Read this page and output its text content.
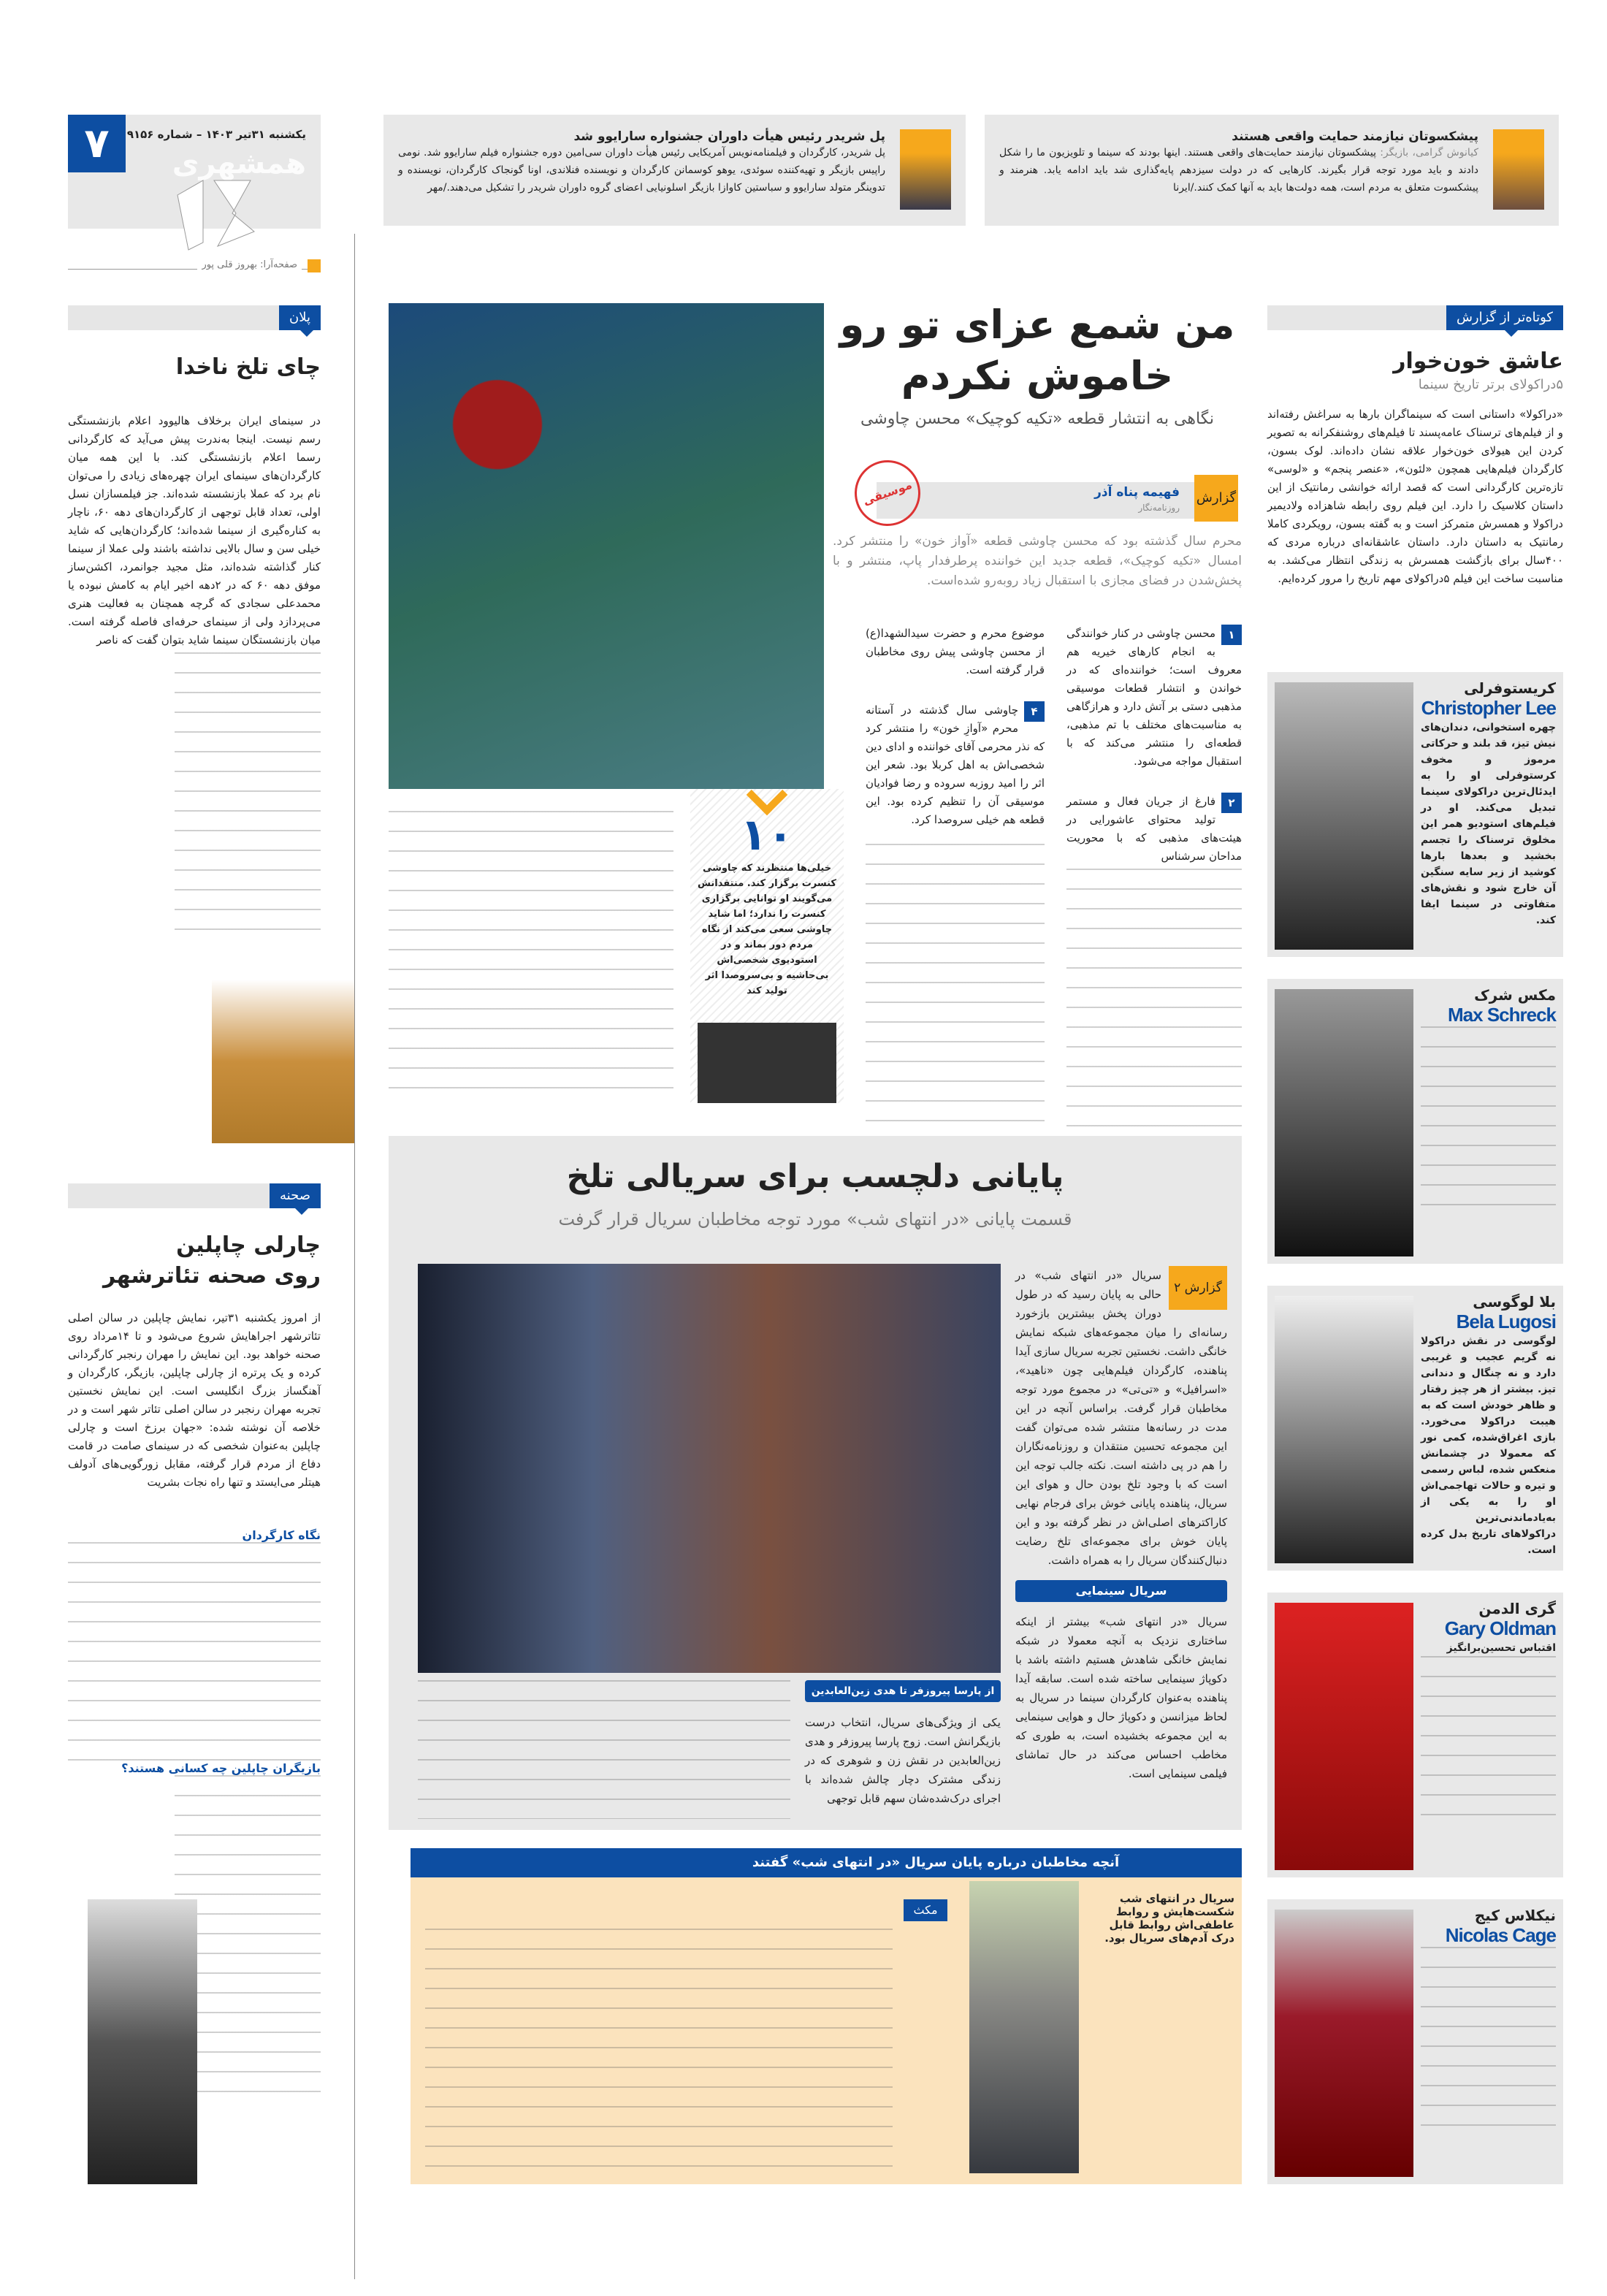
۷	یکشنبه ۳۱تیر ۱۴۰۳ – شماره ۹۱۵۶
همشهری
صفحه‌آرا: بهروز قلی پور
پیشکسوتان نیازمند حمایت واقعی هستند
کیانوش گرامی، بازیگر: پیشکسوتان نیازمند حمایت‌های واقعی هستند. اینها بودند که سینما و تلویزیون ما را شکل دادند و باید مورد توجه قرار بگیرند. کارهایی که در دولت سیزدهم پایه‌گذاری شد باید ادامه یابد. هنرمند و پیشکسوت متعلق به مردم است، همه دولت‌ها باید به آنها کمک کنند./ایرنا
پل شریدر رئیس هیأت داوران جشنواره سارایوو شد
پل شریدر، کارگردان و فیلمنامه‌نویس آمریکایی رئیس هیأت داوران سی‌امین دوره جشنواره فیلم سارایوو شد. نومی راپیس بازیگر و تهیه‌کننده سوئدی، یوهو کوسمانن کارگردان و نویسنده فنلاندی، اونا گونجاک کارگردان، نویسنده و تدوینگر متولد سارایوو و سباستین کاوازا بازیگر اسلونیایی اعضای گروه داوران شریدر را تشکیل می‌دهند./مهر
پلان
چای تلخ ناخدا
در سینمای ایران برخلاف هالیوود اعلام بازنشستگی رسم نیست. اینجا به‌ندرت پیش می‌آید که کارگردانی رسما اعلام بازنشستگی کند. با این همه میان کارگردان‌های سینمای ایران چهره‌های زیادی را می‌توان نام برد که عملا بازنشسته شده‌اند. جز فیلمسازان نسل اولی، تعداد قابل توجهی از کارگردان‌های دهه ۶۰، ناچار به کناره‌گیری از سینما شده‌اند؛ کارگردان‌هایی که شاید خیلی سن و سال بالایی نداشته باشند ولی عملا از سینما کنار گذاشته شده‌اند، مثل مجید جوانمرد، اکشن‌ساز موفق دهه ۶۰ که در ۲دهه اخیر ایام به کامش نبوده یا محمدعلی سجادی که گرچه همچنان به فعالیت هنری می‌پردازد ولی از سینمای حرفه‌ای فاصله گرفته است. میان بازنشستگان سینما شاید بتوان گفت که ناصر
صحنه
چارلی چاپلین
روی صحنه تئاترشهر
از امروز یکشنبه ۳۱تیر، نمایش چاپلین در سالن اصلی تئاترشهر اجراهایش شروع می‌شود و تا ۱۴مرداد روی صحنه خواهد بود. این نمایش را مهران رنجبر کارگردانی کرده و یک پرتره از چارلی چاپلین، بازیگر، کارگردان و آهنگساز بزرگ انگلیسی است. این نمایش نخستین تجربه مهران رنجبر در سالن اصلی تئاتر شهر است و در خلاصه آن نوشته شده: «جهان برزخ است و چارلی چاپلین به‌عنوان شخصی که در سینمای صامت در قامت دفاع از مردم قرار گرفته، مقابل زورگویی‌های آدولف هیتلر می‌ایستد و تنها راه نجات بشریت
نگاه کارگردان
بازیگران چاپلین چه کسانی هستند؟
من شمع عزای تو رو
خاموش نکردم
نگاهی به انتشار قطعه «تکیه کوچیک» محسن چاوشی
گزارش
فهیمه پناه آذر
روزنامه‌نگار
موسیقی
محرم سال گذشته بود که محسن چاوشی قطعه «آواز خون» را منتشر کرد. امسال «تکیه کوچیک»، قطعه جدید این خواننده پرطرفدار پاپ، منتشر و با پخش‌شدن در فضای مجازی با استقبال زیاد روبه‌رو شده‌است.
۱
محسن چاوشی در کنار خوانندگی به انجام کارهای خیریه هم معروف است؛ خواننده‌ای که در خواندن و انتشار قطعات موسیقی مذهبی دستی بر آتش دارد و هرازگاهی به مناسبت‌های مختلف با تم مذهبی، قطعه‌ای را منتشر می‌کند که با استقبال مواجه می‌شود.
۲
فارغ از جریان فعال و مستمر تولید محتوای عاشورایی در هیئت‌های مذهبی که با محوریت مداحان سرشناس
موضوع محرم و حضرت سیدالشهدا(ع) از محسن چاوشی پیش روی مخاطبان قرار گرفته است.
۴
چاوشی سال گذشته در آستانه محرم «آوازِ خون» را منتشر کرد که نذر محرمی آقای خواننده و ادای دین شخصی‌اش به اهل کربلا بود. شعر این اثر را امید روزبه سروده و رضا فوادیان موسیقی آن را تنظیم کرده بود. این قطعه هم خیلی سروصدا کرد.
۱۰
خیلی‌ها منتظرند که چاوشی کنسرت برگزار کند. منتقدانش می‌گویند او توانایی برگزاری کنسرت را ندارد؛ اما شاید چاوشی سعی می‌کند از نگاه مردم دور بماند و در استودیوی شخصی‌اش بی‌حاشیه و بی‌سروصدا اثر تولید کند
پایانی دلچسب برای سریالی تلخ
قسمت پایانی «در انتهای شب» مورد توجه مخاطبان سریال قرار گرفت
گزارش ۲
سریال «در انتهای شب» در حالی به پایان رسید که در طول دوران پخش بیشترین بازخورد رسانه‌ای را میان مجموعه‌های شبکه نمایش خانگی داشت. نخستین تجربه سریال سازی آیدا پناهنده، کارگردان فیلم‌هایی چون «ناهید»، «اسرافیل» و «تی‌تی» در مجموع مورد توجه مخاطبان قرار گرفت. براساس آنچه در این مدت در رسانه‌ها منتشر شده می‌توان گفت این مجموعه تحسین منتقدان و روزنامه‌نگاران را هم در پی داشته است. نکته جالب توجه این است که با وجود تلخ بودن حال و هوای این سریال، پناهنده پایانی خوش برای فرجام نهایی کاراکترهای اصلی‌اش در نظر گرفته بود و این پایان خوش برای مجموعه‌ای تلخ رضایت دنبال‌کنندگان سریال را به همراه داشت.
سریال سینمایی
سریال «در انتهای شب» بیشتر از اینکه ساختاری نزدیک به آنچه معمولا در شبکه نمایش خانگی شاهدش هستیم داشته باشد با دکوپاژ سینمایی ساخته شده است. سابقه آیدا پناهنده به‌عنوان کارگردان سینما در سریال به لحاظ میزانسن و دکوپاژ حال و هوایی سینمایی به این مجموعه بخشیده است، به طوری که مخاطب احساس می‌کند در حال تماشای فیلمی سینمایی است.
از پارسا پیروزفر تا هدی زین‌العابدین
یکی از ویژگی‌های سریال، انتخاب درست بازیگرانش است. زوج پارسا پیروزفر و هدی زین‌العابدین در نقش زن و شوهری که در زندگی مشترک دچار چالش شده‌اند با اجرای درک‌شده‌شان سهم قابل توجهی
آنچه مخاطبان درباره پایان سریال «در انتهای شب» گفتند
مکث
سریال در انتهای شب شکست‌هایش و روابط عاطفی‌اش روابط قابل درک آدم‌های سریال بود.
کوتاه‌تر از گزارش
عاشق خون‌خوار
۵دراکولای برتر تاریخ سینما
«دراکولا» داستانی است که سینماگران بارها به سراغش رفته‌اند و از فیلم‌های ترسناک عامه‌پسند تا فیلم‌های روشنفکرانه به تصویر کردن این هیولای خون‌خوار علاقه نشان داده‌اند. لوک بسون، کارگردان فیلم‌هایی همچون «لئون»، «عنصر پنجم» و «لوسی» تازه‌ترین کارگردانی است که قصد ارائه خوانشی رمانتیک از این داستان کلاسیک را دارد. این فیلم روی رابطه شاهزاده ولادیمیر دراکولا و همسرش متمرکز است و به گفته بسون، رویکردی کاملا رمانتیک به داستان دارد. داستان عاشقانه‌ای درباره مردی که ۴۰۰سال برای بازگشت همسرش به زندگی انتظار می‌کشد. به مناسبت ساخت این فیلم ۵دراکولای مهم تاریخ را مرور کرده‌ایم.
کریستوفرلی
Christopher Lee
چهره استخوانی، دندان‌های نیش تیز، قد بلند و حرکاتی مرموز و مخوف کرستوفرلی او را به ایدئال‌ترین دراکولای سینما تبدیل می‌کند. او در فیلم‌های استودیو همر این مخلوق ترسناک را تجسم بخشید و بعدها بارها کوشید از زیر سایه سنگین آن خارج شود و نقش‌های متفاوتی در سینما ایفا کند.
مکس شرک
Max Schreck
بلا لوگوسی
Bela Lugosi
لوگوسی در نقش دراکولا نه گریم عجیب و غریبی دارد و نه چنگال و دندانی تیز. بیشتر از هر چیز رفتار و ظاهر خودش است که به هیبت دراکولا می‌خورد. بازی اغراق‌شده، کمی نور که معمولا در چشمانش منعکس شده، لباس رسمی و تیره و حالات تهاجمی‌اش او را به یکی از به‌یادماندنی‌ترین دراکولاهای تاریخ بدل کرده است.
گری الدمن
Gary Oldman
اقتباس تحسین‌برانگیز
نیکلاس کیج
Nicolas Cage
